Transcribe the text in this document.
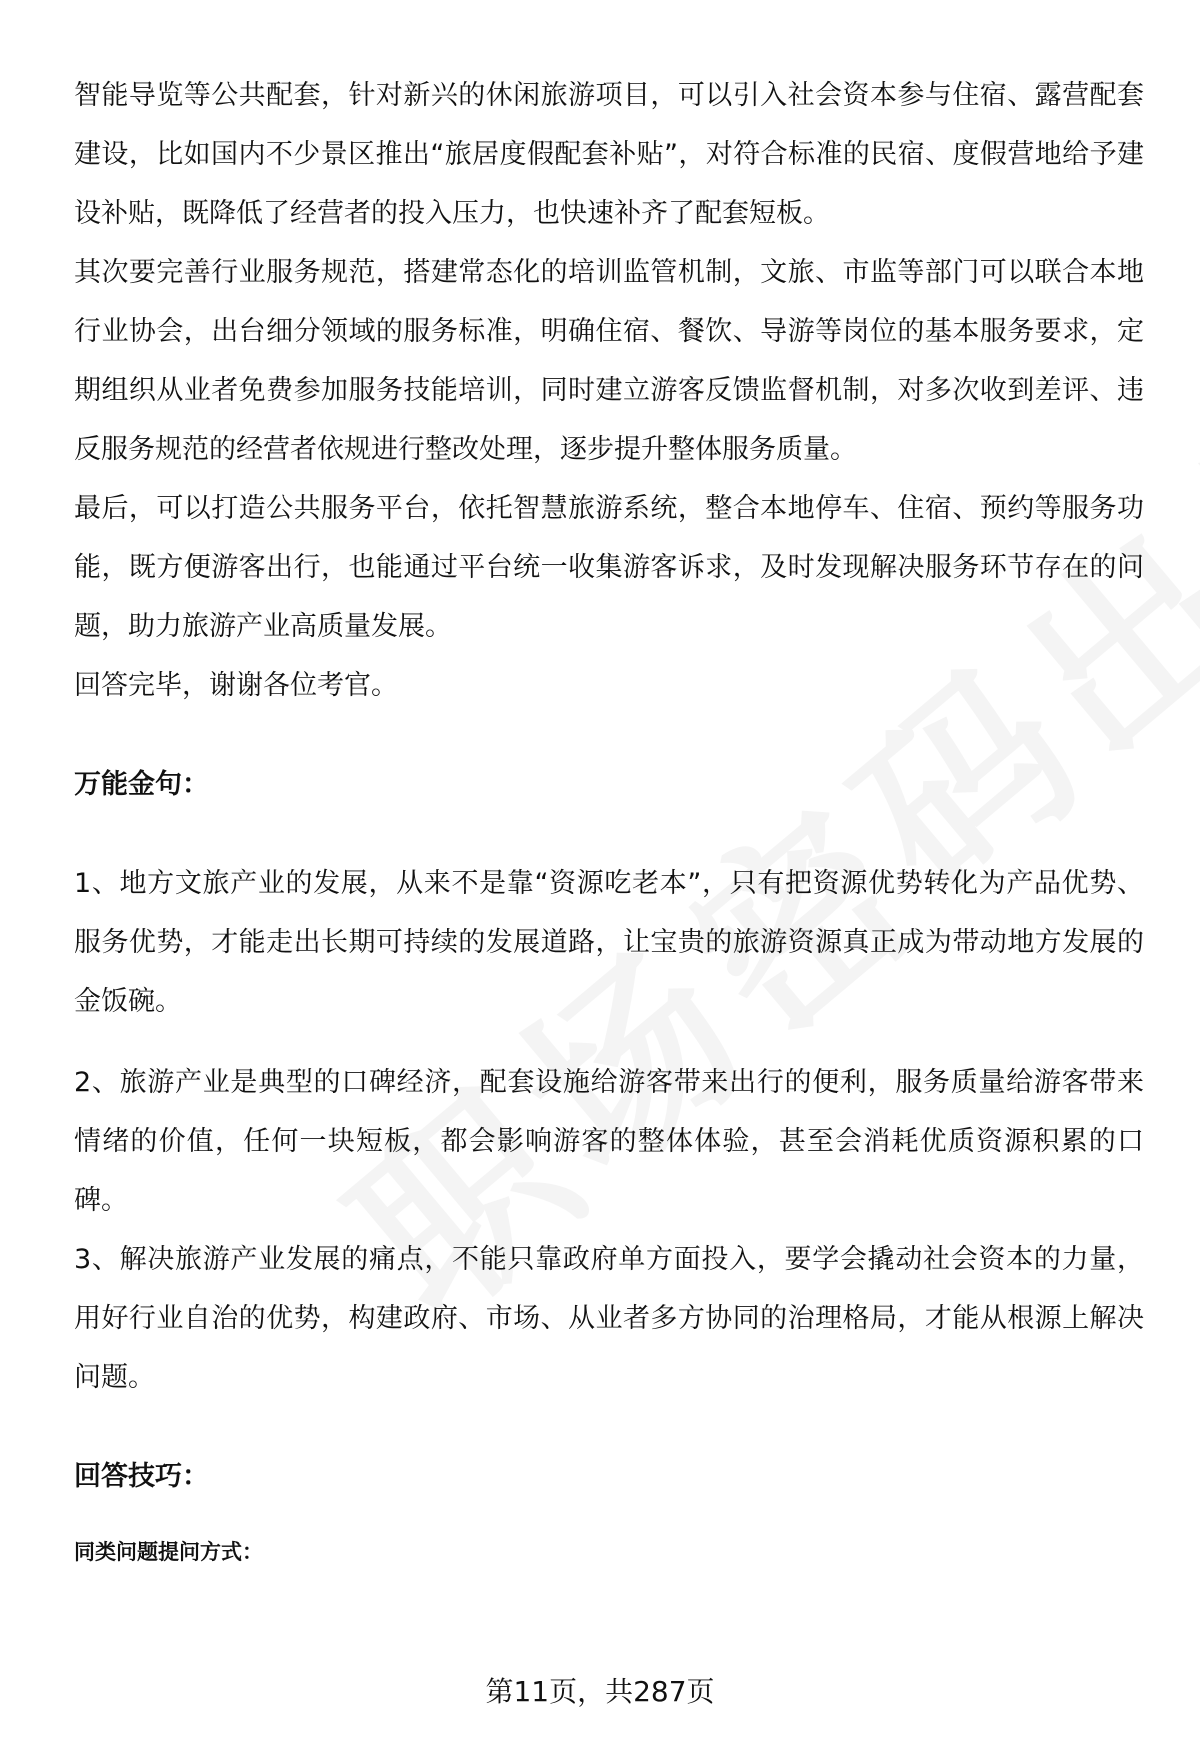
智能导览等公共配套，针对新兴的休闲旅游项目，可以引入社会资本参与住宿、露营配套建设，比如国内不少景区推出“旅居度假配套补贴”，对符合标准的民宿、度假营地给予建设补贴，既降低了经营者的投入压力，也快速补齐了配套短板。

其次要完善行业服务规范，搭建常态化的培训监管机制，文旅、市监等部门可以联合本地行业协会，出台细分领域的服务标准，明确住宿、餐饮、导游等岗位的基本服务要求，定期组织从业者免费参加服务技能培训，同时建立游客反馈监督机制，对多次收到差评、违反服务规范的经营者依规进行整改处理，逐步提升整体服务质量。

最后，可以打造公共服务平台，依托智慧旅游系统，整合本地停车、住宿、预约等服务功能，既方便游客出行，也能通过平台统一收集游客诉求，及时发现解决服务环节存在的问题，助力旅游产业高质量发展。

回答完毕，谢谢各位考官。

万能金句：

1、地方文旅产业的发展，从来不是靠“资源吃老本”，只有把资源优势转化为产品优势、服务优势，才能走出长期可持续的发展道路，让宝贵的旅游资源真正成为带动地方发展的金饭碗。

2、旅游产业是典型的口碑经济，配套设施给游客带来出行的便利，服务质量给游客带来情绪的价值，任何一块短板，都会影响游客的整体体验，甚至会消耗优质资源积累的口碑。

3、解决旅游产业发展的痛点，不能只靠政府单方面投入，要学会撬动社会资本的力量，用好行业自治的优势，构建政府、市场、从业者多方协同的治理格局，才能从根源上解决问题。

回答技巧：

同类问题提问方式：

第11页，共287页
